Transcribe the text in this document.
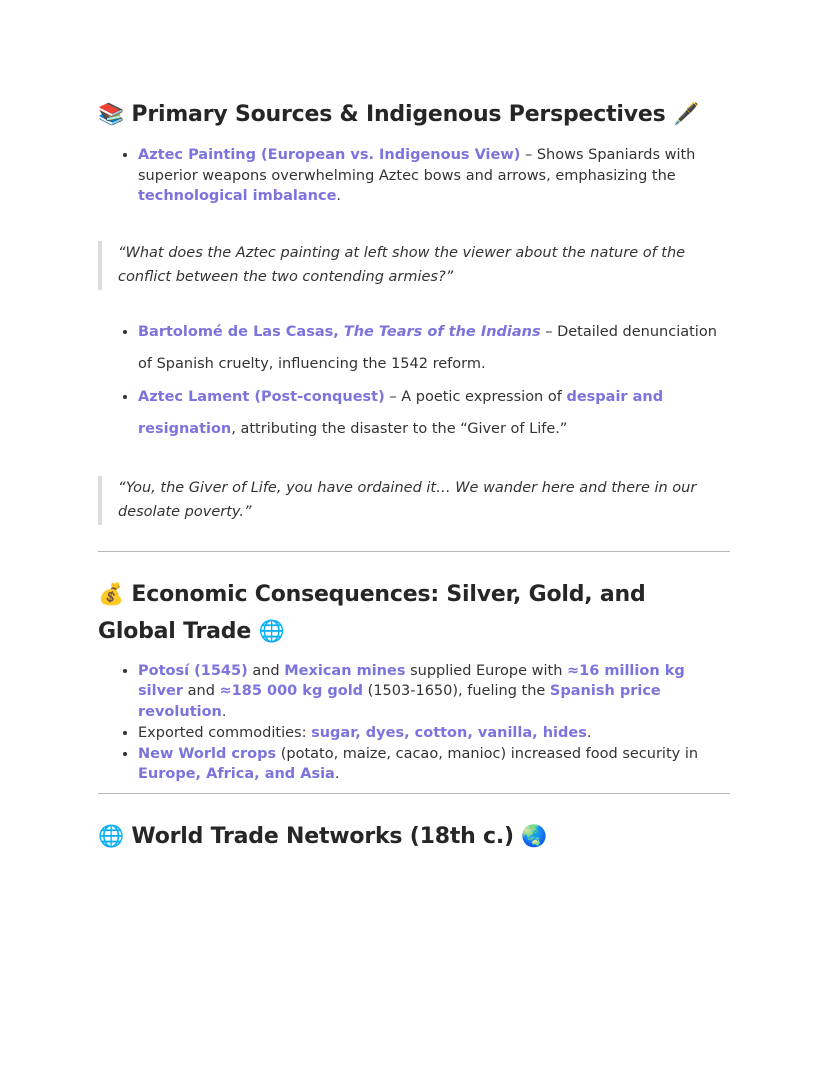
📚 Primary Sources & Indigenous Perspectives 🖋️
• Aztec Painting (European vs. Indigenous View) – Shows Spaniards with superior weapons overwhelming Aztec bows and arrows, emphasizing the technological imbalance.
“What does the Aztec painting at left show the viewer about the nature of the conflict between the two contending armies?”
• Bartolomé de Las Casas, The Tears of the Indians – Detailed denunciation of Spanish cruelty, influencing the 1542 reform.
• Aztec Lament (Post-conquest) – A poetic expression of despair and resignation, attributing the disaster to the “Giver of Life.”
“You, the Giver of Life, you have ordained it… We wander here and there in our desolate poverty.”
💰 Economic Consequences: Silver, Gold, and Global Trade 🌐
• Potosí (1545) and Mexican mines supplied Europe with ≈16 million kg silver and ≈185 000 kg gold (1503-1650), fueling the Spanish price revolution.
• Exported commodities: sugar, dyes, cotton, vanilla, hides.
• New World crops (potato, maize, cacao, manioc) increased food security in Europe, Africa, and Asia.
🌐 World Trade Networks (18th c.) 🌏
